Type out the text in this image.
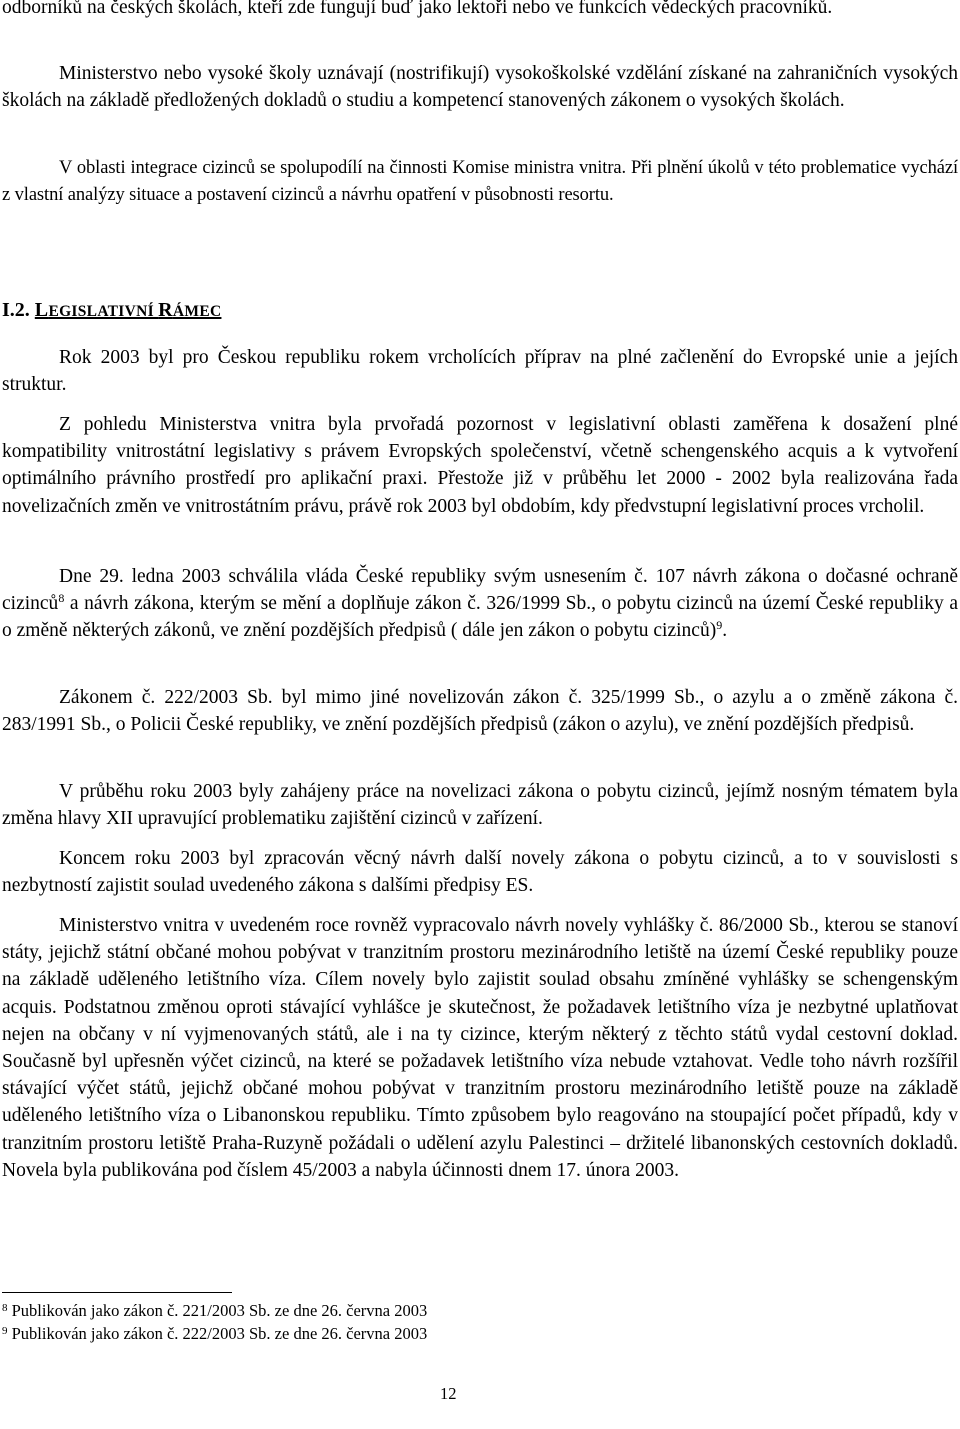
odborníků na českých školách, kteří zde fungují buď jako lektoři nebo ve funkcích vědeckých pracovníků.

Ministerstvo nebo vysoké školy uznávají (nostrifikují) vysokoškolské vzdělání získané na zahraničních vysokých školách na základě předložených dokladů o studiu a kompetencí stanovených zákonem o vysokých školách.

V oblasti integrace cizinců se spolupodílí na činnosti Komise ministra vnitra. Při plnění úkolů v této problematice vychází z vlastní analýzy situace a postavení cizinců a návrhu opatření v působnosti resortu.

I.2. LEGISLATIVNÍ RÁMEC

Rok 2003 byl pro Českou republiku rokem vrcholících příprav na plné začlenění do Evropské unie a jejích struktur.

Z pohledu Ministerstva vnitra byla prvořadá pozornost v legislativní oblasti zaměřena k dosažení plné kompatibility vnitrostátní legislativy s právem Evropských společenství, včetně schengenského acquis a k vytvoření optimálního právního prostředí pro aplikační praxi. Přestože již v průběhu let 2000 - 2002 byla realizována řada novelizačních změn ve vnitrostátním právu, právě rok 2003 byl obdobím, kdy předvstupní legislativní proces vrcholil.

Dne 29. ledna 2003 schválila vláda České republiky svým usnesením č. 107 návrh zákona o dočasné ochraně cizinců$^8$ a návrh zákona, kterým se mění a doplňuje zákon č. 326/1999 Sb., o pobytu cizinců na území České republiky a o změně některých zákonů, ve znění pozdějších předpisů ( dále jen zákon o pobytu cizinců)$^9$.

Zákonem č. 222/2003 Sb. byl mimo jiné novelizován zákon č. 325/1999 Sb., o azylu a o změně zákona č. 283/1991 Sb., o Policii České republiky, ve znění pozdějších předpisů (zákon o azylu), ve znění pozdějších předpisů.

V průběhu roku 2003 byly zahájeny práce na novelizaci zákona o pobytu cizinců, jejímž nosným tématem byla změna hlavy XII upravující problematiku zajištění cizinců v zařízení.

Koncem roku 2003 byl zpracován věcný návrh další novely zákona o pobytu cizinců, a to v souvislosti s nezbytností zajistit soulad uvedeného zákona s dalšími předpisy ES.

Ministerstvo vnitra v uvedeném roce rovněž vypracovalo návrh novely vyhlášky č. 86/2000 Sb., kterou se stanoví státy, jejichž státní občané mohou pobývat v tranzitním prostoru mezinárodního letiště na území České republiky pouze na základě uděleného letištního víza. Cílem novely bylo zajistit soulad obsahu zmíněné vyhlášky se schengenským acquis. Podstatnou změnou oproti stávající vyhlášce je skutečnost, že požadavek letištního víza je nezbytné uplatňovat nejen na občany v ní vyjmenovaných států, ale i na ty cizince, kterým některý z těchto států vydal cestovní doklad. Současně byl upřesněn výčet cizinců, na které se požadavek letištního víza nebude vztahovat. Vedle toho návrh rozšířil stávající výčet států, jejichž občané mohou pobývat v tranzitním prostoru mezinárodního letiště pouze na základě uděleného letištního víza o Libanonskou republiku. Tímto způsobem bylo reagováno na stoupající počet případů, kdy v tranzitním prostoru letiště Praha-Ruzyně požádali o udělení azylu Palestinci – držitelé libanonských cestovních dokladů. Novela byla publikována pod číslem 45/2003 a nabyla účinnosti dnem 17. února 2003.

$^8$ Publikován jako zákon č. 221/2003 Sb. ze dne 26. června 2003
$^9$ Publikován jako zákon č. 222/2003 Sb. ze dne 26. června 2003
12
